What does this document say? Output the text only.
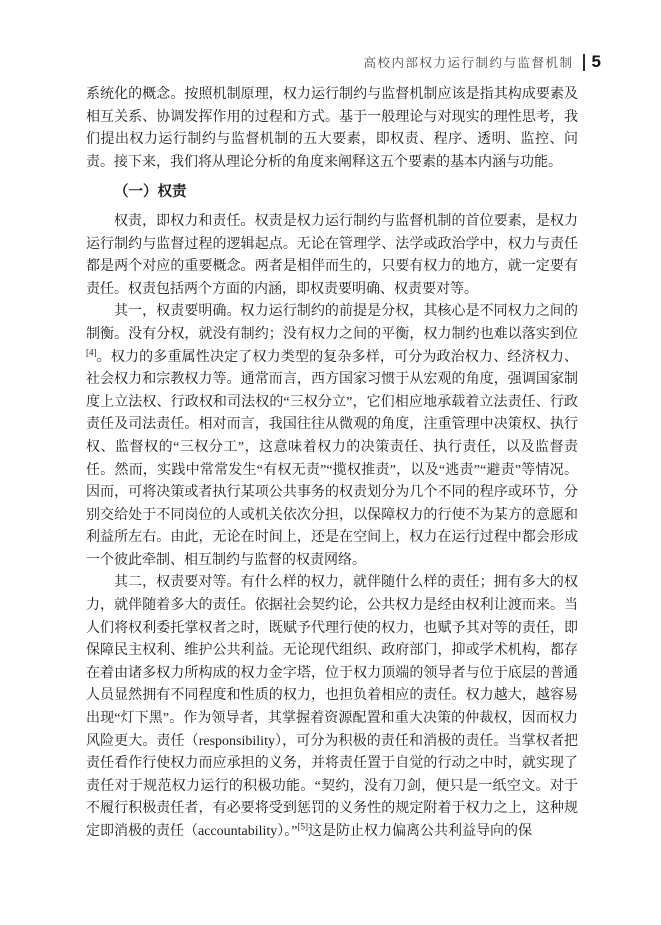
高校内部权力运行制约与监督机制 5

系统化的概念。按照机制原理，权力运行制约与监督机制应该是指其构成要素及相互关系、协调发挥作用的过程和方式。基于一般理论与对现实的理性思考，我们提出权力运行制约与监督机制的五大要素，即权责、程序、透明、监控、问责。接下来，我们将从理论分析的角度来阐释这五个要素的基本内涵与功能。

（一）权责

权责，即权力和责任。权责是权力运行制约与监督机制的首位要素，是权力运行制约与监督过程的逻辑起点。无论在管理学、法学或政治学中，权力与责任都是两个对应的重要概念。两者是相伴而生的，只要有权力的地方，就一定要有责任。权责包括两个方面的内涵，即权责要明确、权责要对等。

其一，权责要明确。权力运行制约的前提是分权，其核心是不同权力之间的制衡。没有分权，就没有制约；没有权力之间的平衡，权力制约也难以落实到位[4]。权力的多重属性决定了权力类型的复杂多样，可分为政治权力、经济权力、社会权力和宗教权力等。通常而言，西方国家习惯于从宏观的角度，强调国家制度上立法权、行政权和司法权的“三权分立”，它们相应地承载着立法责任、行政责任及司法责任。相对而言，我国往往从微观的角度，注重管理中决策权、执行权、监督权的“三权分工”，这意味着权力的决策责任、执行责任，以及监督责任。然而，实践中常常发生“有权无责”“揽权推责”，以及“逃责”“避责”等情况。因而，可将决策或者执行某项公共事务的权责划分为几个不同的程序或环节，分别交给处于不同岗位的人或机关依次分担，以保障权力的行使不为某方的意愿和利益所左右。由此，无论在时间上，还是在空间上，权力在运行过程中都会形成一个彼此牵制、相互制约与监督的权责网络。

其二，权责要对等。有什么样的权力，就伴随什么样的责任；拥有多大的权力，就伴随着多大的责任。依据社会契约论，公共权力是经由权利让渡而来。当人们将权利委托掌权者之时，既赋予代理行使的权力，也赋予其对等的责任，即保障民主权利、维护公共利益。无论现代组织、政府部门，抑或学术机构，都存在着由诸多权力所构成的权力金字塔，位于权力顶端的领导者与位于底层的普通人员显然拥有不同程度和性质的权力，也担负着相应的责任。权力越大，越容易出现“灯下黑”。作为领导者，其掌握着资源配置和重大决策的仲裁权，因而权力风险更大。责任（responsibility），可分为积极的责任和消极的责任。当掌权者把责任看作行使权力而应承担的义务，并将责任置于自觉的行动之中时，就实现了责任对于规范权力运行的积极功能。“契约，没有刀剑，便只是一纸空文。对于不履行积极责任者，有必要将受到惩罚的义务性的规定附着于权力之上，这种规定即消极的责任（accountability）。”[5]这是防止权力偏离公共利益导向的保
